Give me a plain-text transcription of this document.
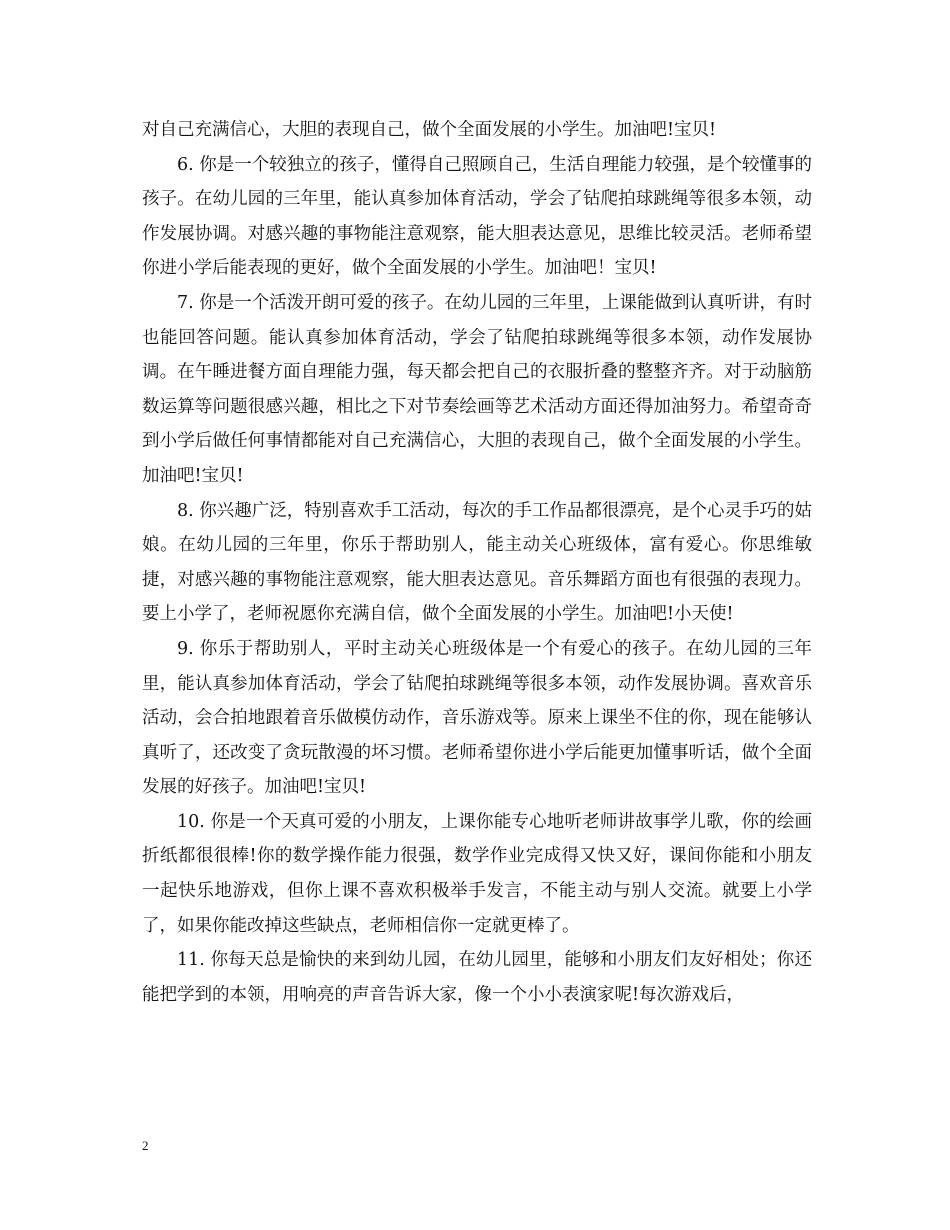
对自己充满信心，大胆的表现自己，做个全面发展的小学生。加油吧!宝贝!

6. 你是一个较独立的孩子，懂得自己照顾自己，生活自理能力较强，是个较懂事的孩子。在幼儿园的三年里，能认真参加体育活动，学会了钻爬拍球跳绳等很多本领，动作发展协调。对感兴趣的事物能注意观察，能大胆表达意见，思维比较灵活。老师希望你进小学后能表现的更好，做个全面发展的小学生。加油吧！宝贝!

7. 你是一个活泼开朗可爱的孩子。在幼儿园的三年里，上课能做到认真听讲，有时也能回答问题。能认真参加体育活动，学会了钻爬拍球跳绳等很多本领，动作发展协调。在午睡进餐方面自理能力强，每天都会把自己的衣服折叠的整整齐齐。对于动脑筋数运算等问题很感兴趣，相比之下对节奏绘画等艺术活动方面还得加油努力。希望奇奇到小学后做任何事情都能对自己充满信心，大胆的表现自己，做个全面发展的小学生。加油吧!宝贝!

8. 你兴趣广泛，特别喜欢手工活动，每次的手工作品都很漂亮，是个心灵手巧的姑娘。在幼儿园的三年里，你乐于帮助别人，能主动关心班级体，富有爱心。你思维敏捷，对感兴趣的事物能注意观察，能大胆表达意见。音乐舞蹈方面也有很强的表现力。要上小学了，老师祝愿你充满自信，做个全面发展的小学生。加油吧!小天使!

9. 你乐于帮助别人，平时主动关心班级体是一个有爱心的孩子。在幼儿园的三年里，能认真参加体育活动，学会了钻爬拍球跳绳等很多本领，动作发展协调。喜欢音乐活动，会合拍地跟着音乐做模仿动作，音乐游戏等。原来上课坐不住的你，现在能够认真听了，还改变了贪玩散漫的坏习惯。老师希望你进小学后能更加懂事听话，做个全面发展的好孩子。加油吧!宝贝!

10. 你是一个天真可爱的小朋友，上课你能专心地听老师讲故事学儿歌，你的绘画折纸都很很棒!你的数学操作能力很强，数学作业完成得又快又好，课间你能和小朋友一起快乐地游戏，但你上课不喜欢积极举手发言，不能主动与别人交流。就要上小学了，如果你能改掉这些缺点，老师相信你一定就更棒了。

11. 你每天总是愉快的来到幼儿园，在幼儿园里，能够和小朋友们友好相处；你还能把学到的本领，用响亮的声音告诉大家，像一个小小表演家呢!每次游戏后，

2
